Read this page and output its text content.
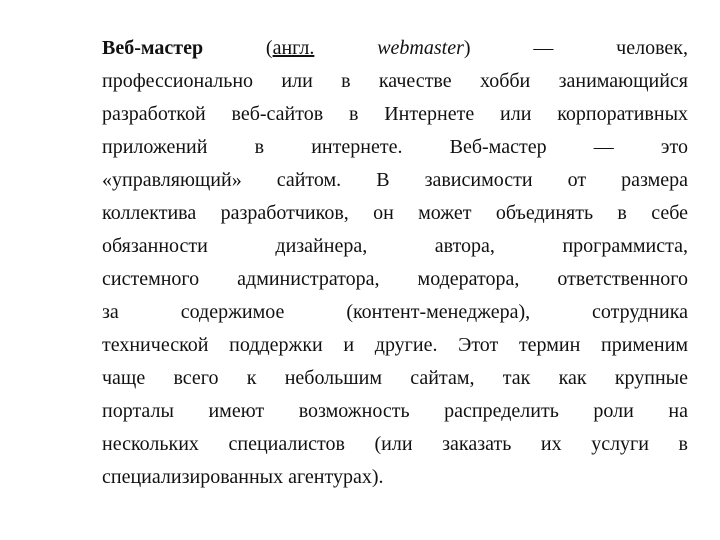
Веб-мастер	(англ.	webmaster) — человек,
профессионально или в качестве хобби занимающийся
разработкой веб-сайтов в Интернете или корпоративных
приложений в интернете. Веб-мастер — это
«управляющий» сайтом. В зависимости от размера
коллектива разработчиков, он может объединять в себе
обязанности дизайнера, автора, программиста,
системного администратора, модератора, ответственного
за содержимое (контент-менеджера), сотрудника
технической поддержки и другие. Этот термин применим
чаще всего к небольшим сайтам, так как крупные
порталы имеют возможность распределить роли на
нескольких специалистов (или заказать их услуги в
специализированных агентурах).
